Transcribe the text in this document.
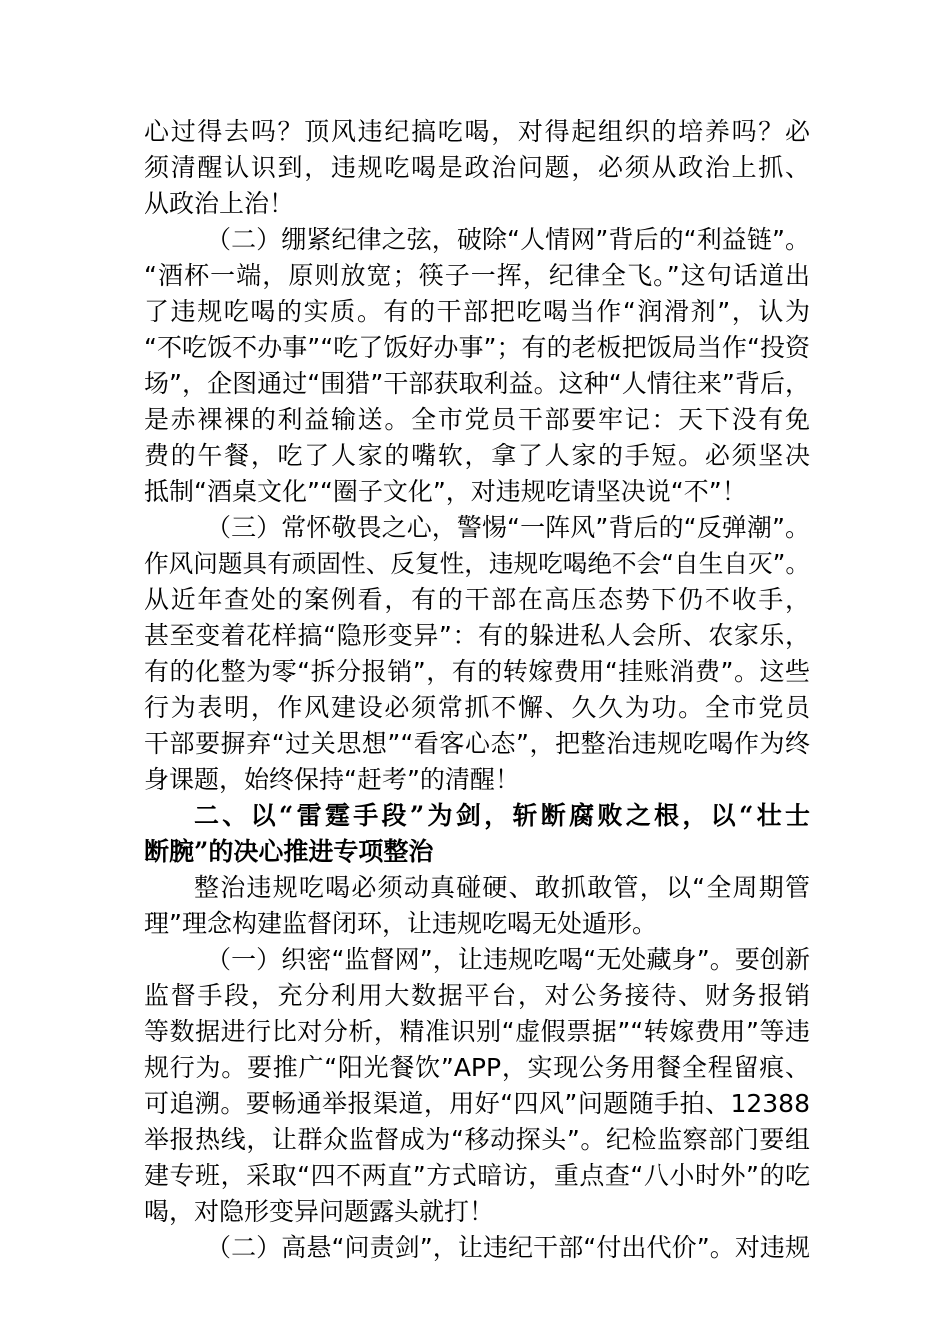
心过得去吗？顶风违纪搞吃喝，对得起组织的培养吗？必
须清醒认识到，违规吃喝是政治问题，必须从政治上抓、
从政治上治！
（二）绷紧纪律之弦，破除“人情网”背后的“利益链”。
“酒杯一端，原则放宽；筷子一挥，纪律全飞。”这句话道出
了违规吃喝的实质。有的干部把吃喝当作“润滑剂”，认为
“不吃饭不办事”“吃了饭好办事”；有的老板把饭局当作“投资
场”，企图通过“围猎”干部获取利益。这种“人情往来”背后，
是赤裸裸的利益输送。全市党员干部要牢记：天下没有免
费的午餐，吃了人家的嘴软，拿了人家的手短。必须坚决
抵制“酒桌文化”“圈子文化”，对违规吃请坚决说“不”！
（三）常怀敬畏之心，警惕“一阵风”背后的“反弹潮”。
作风问题具有顽固性、反复性，违规吃喝绝不会“自生自灭”。
从近年查处的案例看，有的干部在高压态势下仍不收手，
甚至变着花样搞“隐形变异”：有的躲进私人会所、农家乐，
有的化整为零“拆分报销”，有的转嫁费用“挂账消费”。这些
行为表明，作风建设必须常抓不懈、久久为功。全市党员
干部要摒弃“过关思想”“看客心态”，把整治违规吃喝作为终
身课题，始终保持“赶考”的清醒！
二、以“雷霆手段”为剑，斩断腐败之根，以“壮士
断腕”的决心推进专项整治
整治违规吃喝必须动真碰硬、敢抓敢管，以“全周期管
理”理念构建监督闭环，让违规吃喝无处遁形。
（一）织密“监督网”，让违规吃喝“无处藏身”。要创新
监督手段，充分利用大数据平台，对公务接待、财务报销
等数据进行比对分析，精准识别“虚假票据”“转嫁费用”等违
规行为。要推广“阳光餐饮”APP，实现公务用餐全程留痕、
可追溯。要畅通举报渠道，用好“四风”问题随手拍、12388
举报热线，让群众监督成为“移动探头”。纪检监察部门要组
建专班，采取“四不两直”方式暗访，重点查“八小时外”的吃
喝，对隐形变异问题露头就打！
（二）高悬“问责剑”，让违纪干部“付出代价”。对违规
